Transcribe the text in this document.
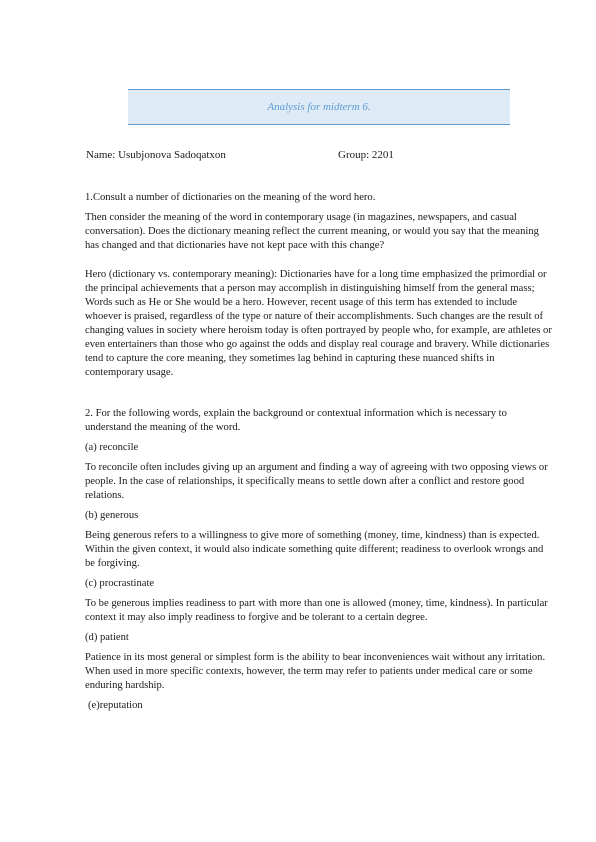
Analysis for midterm 6.
Name: Usubjonova Sadoqatxon	Group: 2201

1.Consult a number of dictionaries on the meaning of the word hero.

Then consider the meaning of the word in contemporary usage (in magazines, newspapers, and casual conversation). Does the dictionary meaning reflect the current meaning, or would you say that the meaning has changed and that dictionaries have not kept pace with this change?

Hero (dictionary vs. contemporary meaning): Dictionaries have for a long time emphasized the primordial or the principal achievements that a person may accomplish in distinguishing himself from the general mass; Words such as He or She would be a hero. However, recent usage of this term has extended to include whoever is praised, regardless of the type or nature of their accomplishments. Such changes are the result of changing values in society where heroism today is often portrayed by people who, for example, are athletes or even entertainers than those who go against the odds and display real courage and bravery. While dictionaries tend to capture the core meaning, they sometimes lag behind in capturing these nuanced shifts in contemporary usage.

2. For the following words, explain the background or contextual information which is necessary to understand the meaning of the word.

(a) reconcile

To reconcile often includes giving up an argument and finding a way of agreeing with two opposing views or people. In the case of relationships, it specifically means to settle down after a conflict and restore good relations.

(b) generous

Being generous refers to a willingness to give more of something (money, time, kindness) than is expected. Within the given context, it would also indicate something quite different; readiness to overlook wrongs and be forgiving.

(c) procrastinate

To be generous implies readiness to part with more than one is allowed (money, time, kindness). In particular context it may also imply readiness to forgive and be tolerant to a certain degree.

(d) patient

Patience in its most general or simplest form is the ability to bear inconveniences wait without any irritation. When used in more specific contexts, however, the term may refer to patients under medical care or some enduring hardship.

(e)reputation
